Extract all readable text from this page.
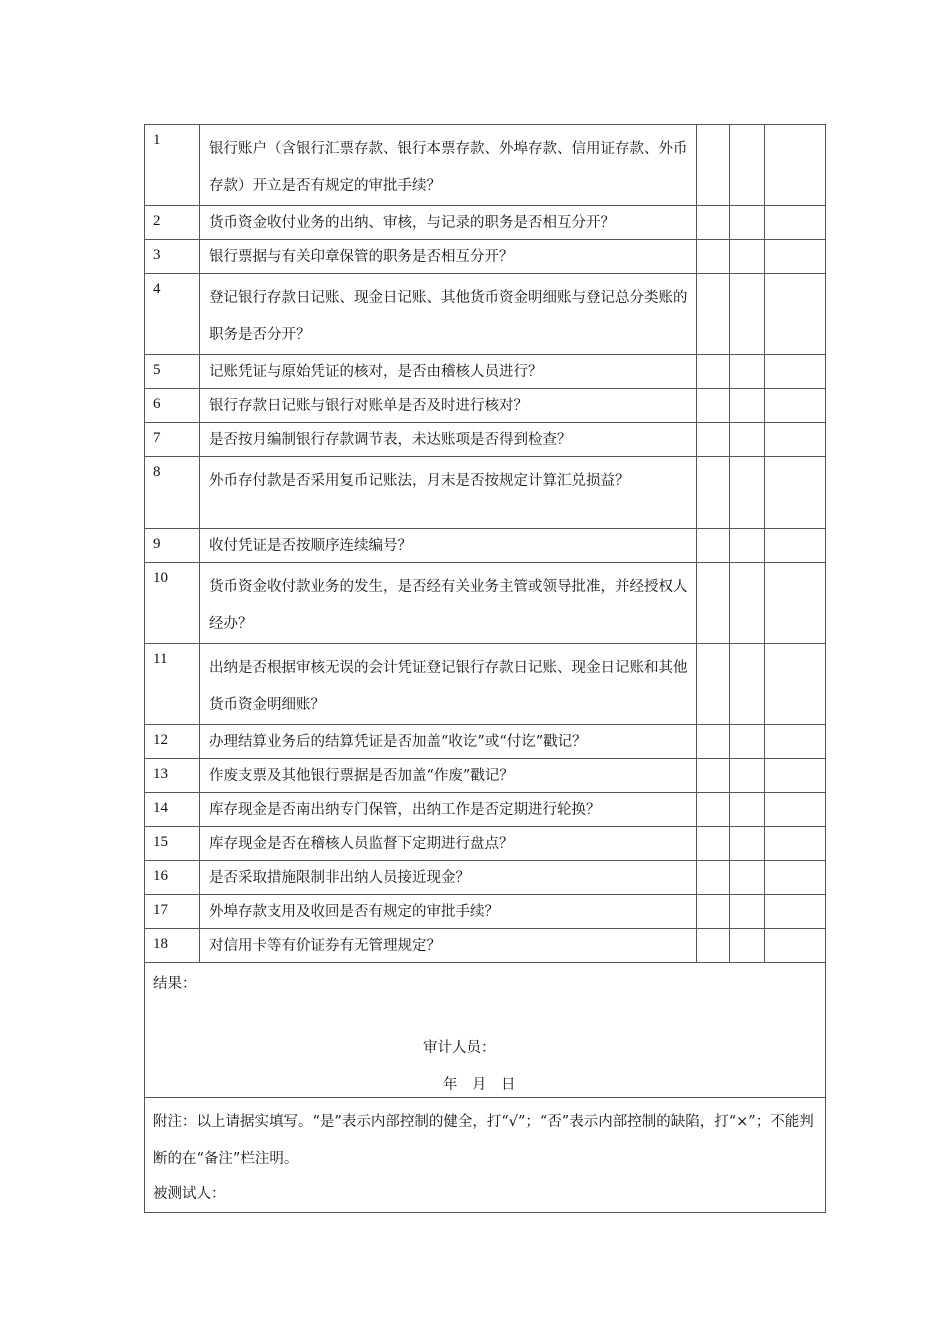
1	银行账户（含银行汇票存款、银行本票存款、外埠存款、信用证存款、外币存款）开立是否有规定的审批手续？			
2	货币资金收付业务的出纳、审核，与记录的职务是否相互分开？			
3	银行票据与有关印章保管的职务是否相互分开？			
4	登记银行存款日记账、现金日记账、其他货币资金明细账与登记总分类账的职务是否分开？			
5	记账凭证与原始凭证的核对，是否由稽核人员进行？			
6	银行存款日记账与银行对账单是否及时进行核对？			
7	是否按月编制银行存款调节表，未达账项是否得到检查？			
8	外币存付款是否采用复币记账法，月末是否按规定计算汇兑损益？			
9	收付凭证是否按顺序连续编号？			
10	货币资金收付款业务的发生，是否经有关业务主管或领导批准，并经授权人经办？			
11	出纳是否根据审核无误的会计凭证登记银行存款日记账、现金日记账和其他货币资金明细账？			
12	办理结算业务后的结算凭证是否加盖“收讫”或“付讫”戳记？			
13	作废支票及其他银行票据是否加盖“作废”戳记？			
14	库存现金是否南出纳专门保管，出纳工作是否定期进行轮换？			
15	库存现金是否在稽核人员监督下定期进行盘点？			
16	是否采取措施限制非出纳人员接近现金？			
17	外埠存款支用及收回是否有规定的审批手续？			
18	对信用卡等有价证券有无管理规定？			

结果：
审计人员：
年　月　日				

附注：以上请据实填写。“是”表示内部控制的健全，打“√”；“否”表示内部控制的缺陷，打“×”；不能判断的在“备注”栏注明。
被测试人：				
